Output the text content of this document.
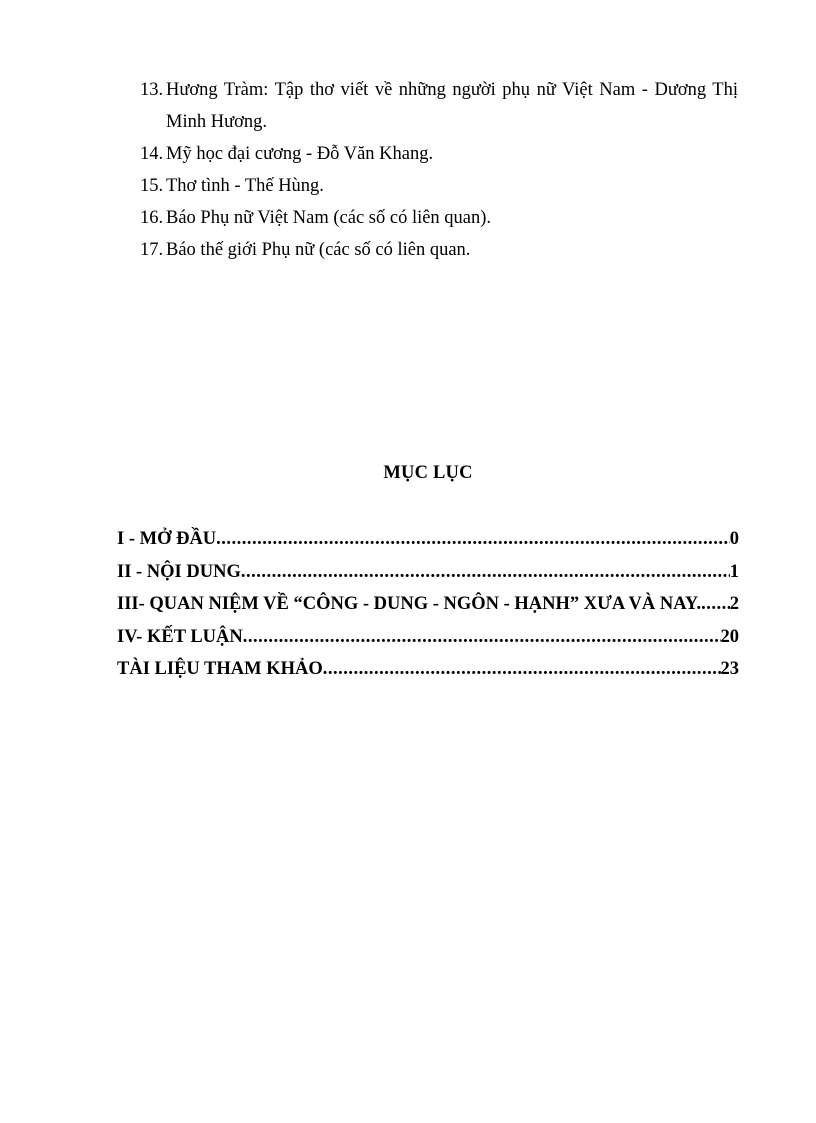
13. Hương Tràm: Tập thơ viết về những người phụ nữ Việt Nam - Dương Thị Minh Hương.
14. Mỹ học đại cương - Đỗ Văn Khang.
15. Thơ tình - Thế Hùng.
16. Báo Phụ nữ Việt Nam (các số có liên quan).
17. Báo thế giới Phụ nữ (các số có liên quan.
MỤC LỤC
I - MỞ ĐẦU .....	0
II - NỘI DUNG .....	1
III- QUAN NIỆM VỀ “CÔNG - DUNG - NGÔN - HẠNH” XƯA VÀ NAY. ..... 2
IV- KẾT LUẬN .....	20
TÀI LIỆU THAM KHẢO .....	23
